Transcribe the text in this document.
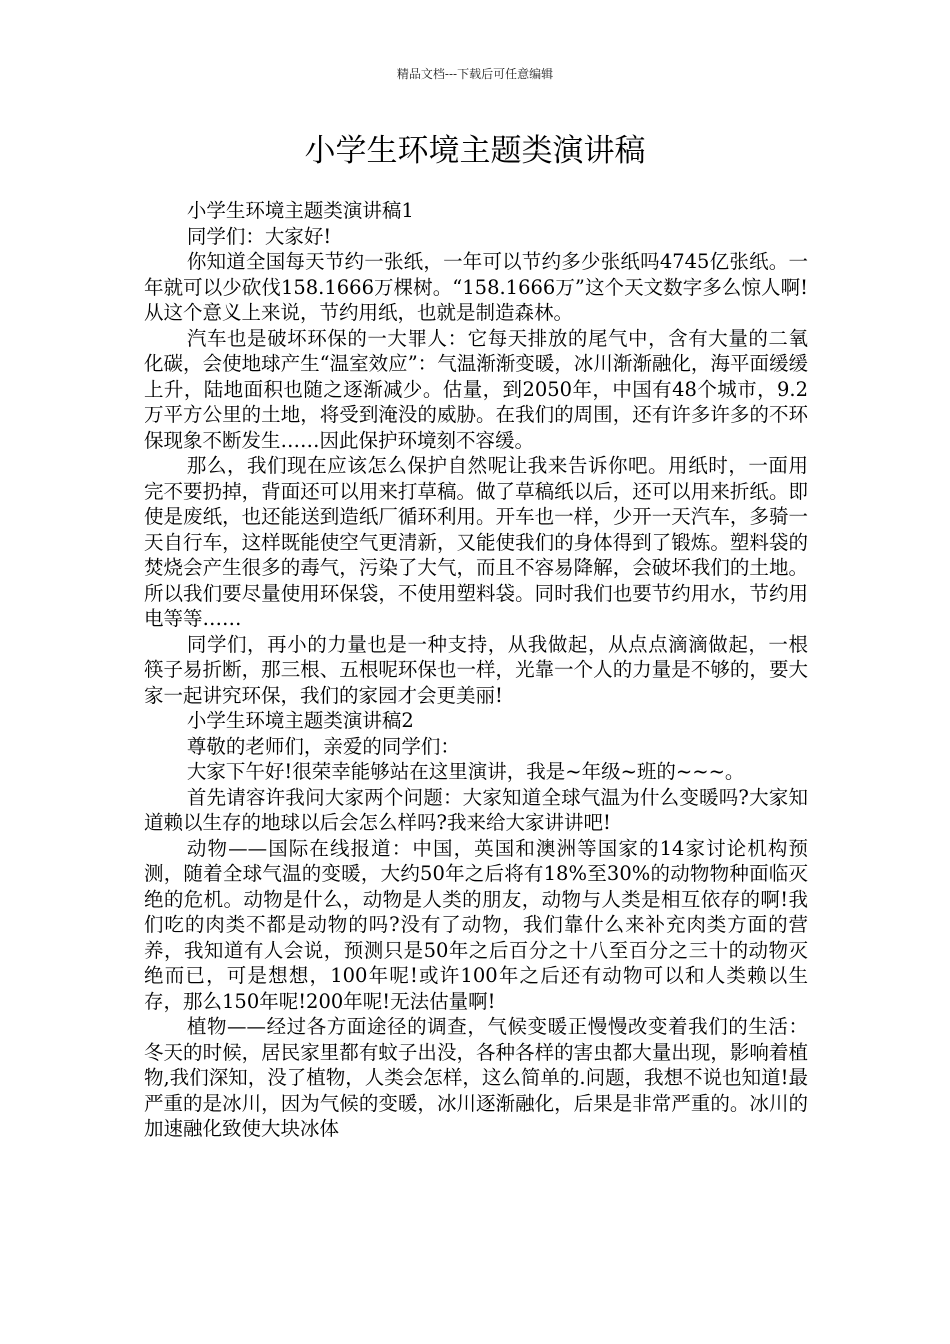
精品文档---下载后可任意编辑
小学生环境主题类演讲稿

小学生环境主题类演讲稿1

同学们：大家好!

你知道全国每天节约一张纸，一年可以节约多少张纸吗4745亿张纸。一年就可以少砍伐158.1666万棵树。“158.1666万”这个天文数字多么惊人啊!从这个意义上来说，节约用纸，也就是制造森林。

汽车也是破坏环保的一大罪人：它每天排放的尾气中，含有大量的二氧化碳，会使地球产生“温室效应”：气温渐渐变暖，冰川渐渐融化，海平面缓缓上升，陆地面积也随之逐渐减少。估量，到2050年，中国有48个城市，9.2万平方公里的土地，将受到淹没的威胁。在我们的周围，还有许多许多的不环保现象不断发生……因此保护环境刻不容缓。

那么，我们现在应该怎么保护自然呢让我来告诉你吧。用纸时，一面用完不要扔掉，背面还可以用来打草稿。做了草稿纸以后，还可以用来折纸。即使是废纸，也还能送到造纸厂循环利用。开车也一样，少开一天汽车，多骑一天自行车，这样既能使空气更清新，又能使我们的身体得到了锻炼。塑料袋的焚烧会产生很多的毒气，污染了大气，而且不容易降解，会破坏我们的土地。所以我们要尽量使用环保袋，不使用塑料袋。同时我们也要节约用水，节约用电等等……

同学们，再小的力量也是一种支持，从我做起，从点点滴滴做起，一根筷子易折断，那三根、五根呢环保也一样，光靠一个人的力量是不够的，要大家一起讲究环保，我们的家园才会更美丽!

小学生环境主题类演讲稿2

尊敬的老师们，亲爱的同学们：

大家下午好!很荣幸能够站在这里演讲，我是~年级~班的~~~。

首先请容许我问大家两个问题：大家知道全球气温为什么变暖吗?大家知道赖以生存的地球以后会怎么样吗?我来给大家讲讲吧!

动物——国际在线报道：中国，英国和澳洲等国家的14家讨论机构预测，随着全球气温的变暖，大约50年之后将有18%至30%的动物物种面临灭绝的危机。动物是什么，动物是人类的朋友，动物与人类是相互依存的啊!我们吃的肉类不都是动物的吗?没有了动物，我们靠什么来补充肉类方面的营养，我知道有人会说，预测只是50年之后百分之十八至百分之三十的动物灭绝而已，可是想想，100年呢!或许100年之后还有动物可以和人类赖以生存，那么150年呢!200年呢!无法估量啊!

植物——经过各方面途径的调查，气候变暖正慢慢改变着我们的生活：冬天的时候，居民家里都有蚊子出没，各种各样的害虫都大量出现，影响着植物,我们深知，没了植物，人类会怎样，这么简单的.问题，我想不说也知道!最严重的是冰川，因为气候的变暖，冰川逐渐融化，后果是非常严重的。冰川的加速融化致使大块冰体
